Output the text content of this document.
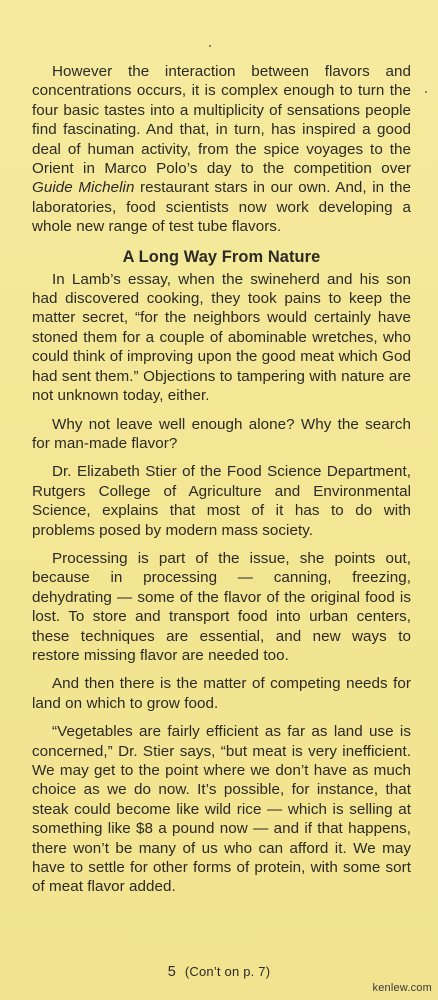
However the interaction between flavors and concentrations occurs, it is complex enough to turn the four basic tastes into a multiplicity of sensations people find fascinating. And that, in turn, has inspired a good deal of human activity, from the spice voyages to the Orient in Marco Polo’s day to the competition over Guide Michelin restaurant stars in our own. And, in the laboratories, food scientists now work developing a whole new range of test tube flavors.

A Long Way From Nature

In Lamb’s essay, when the swineherd and his son had discovered cooking, they took pains to keep the matter secret, “for the neighbors would certainly have stoned them for a couple of abominable wretches, who could think of improving upon the good meat which God had sent them.” Objections to tampering with nature are not unknown today, either.

Why not leave well enough alone? Why the search for man-made flavor?

Dr. Elizabeth Stier of the Food Science Department, Rutgers College of Agriculture and Environmental Science, explains that most of it has to do with problems posed by modern mass society.

Processing is part of the issue, she points out, because in processing — canning, freezing, dehydrating — some of the flavor of the original food is lost. To store and transport food into urban centers, these techniques are essential, and new ways to restore missing flavor are needed too.

And then there is the matter of competing needs for land on which to grow food.

“Vegetables are fairly efficient as far as land use is concerned,” Dr. Stier says, “but meat is very inefficient. We may get to the point where we don’t have as much choice as we do now. It’s possible, for instance, that steak could become like wild rice — which is selling at something like $8 a pound now — and if that happens, there won’t be many of us who can afford it. We may have to settle for other forms of protein, with some sort of meat flavor added.

5 (Con’t on p. 7)
kenlew.com
